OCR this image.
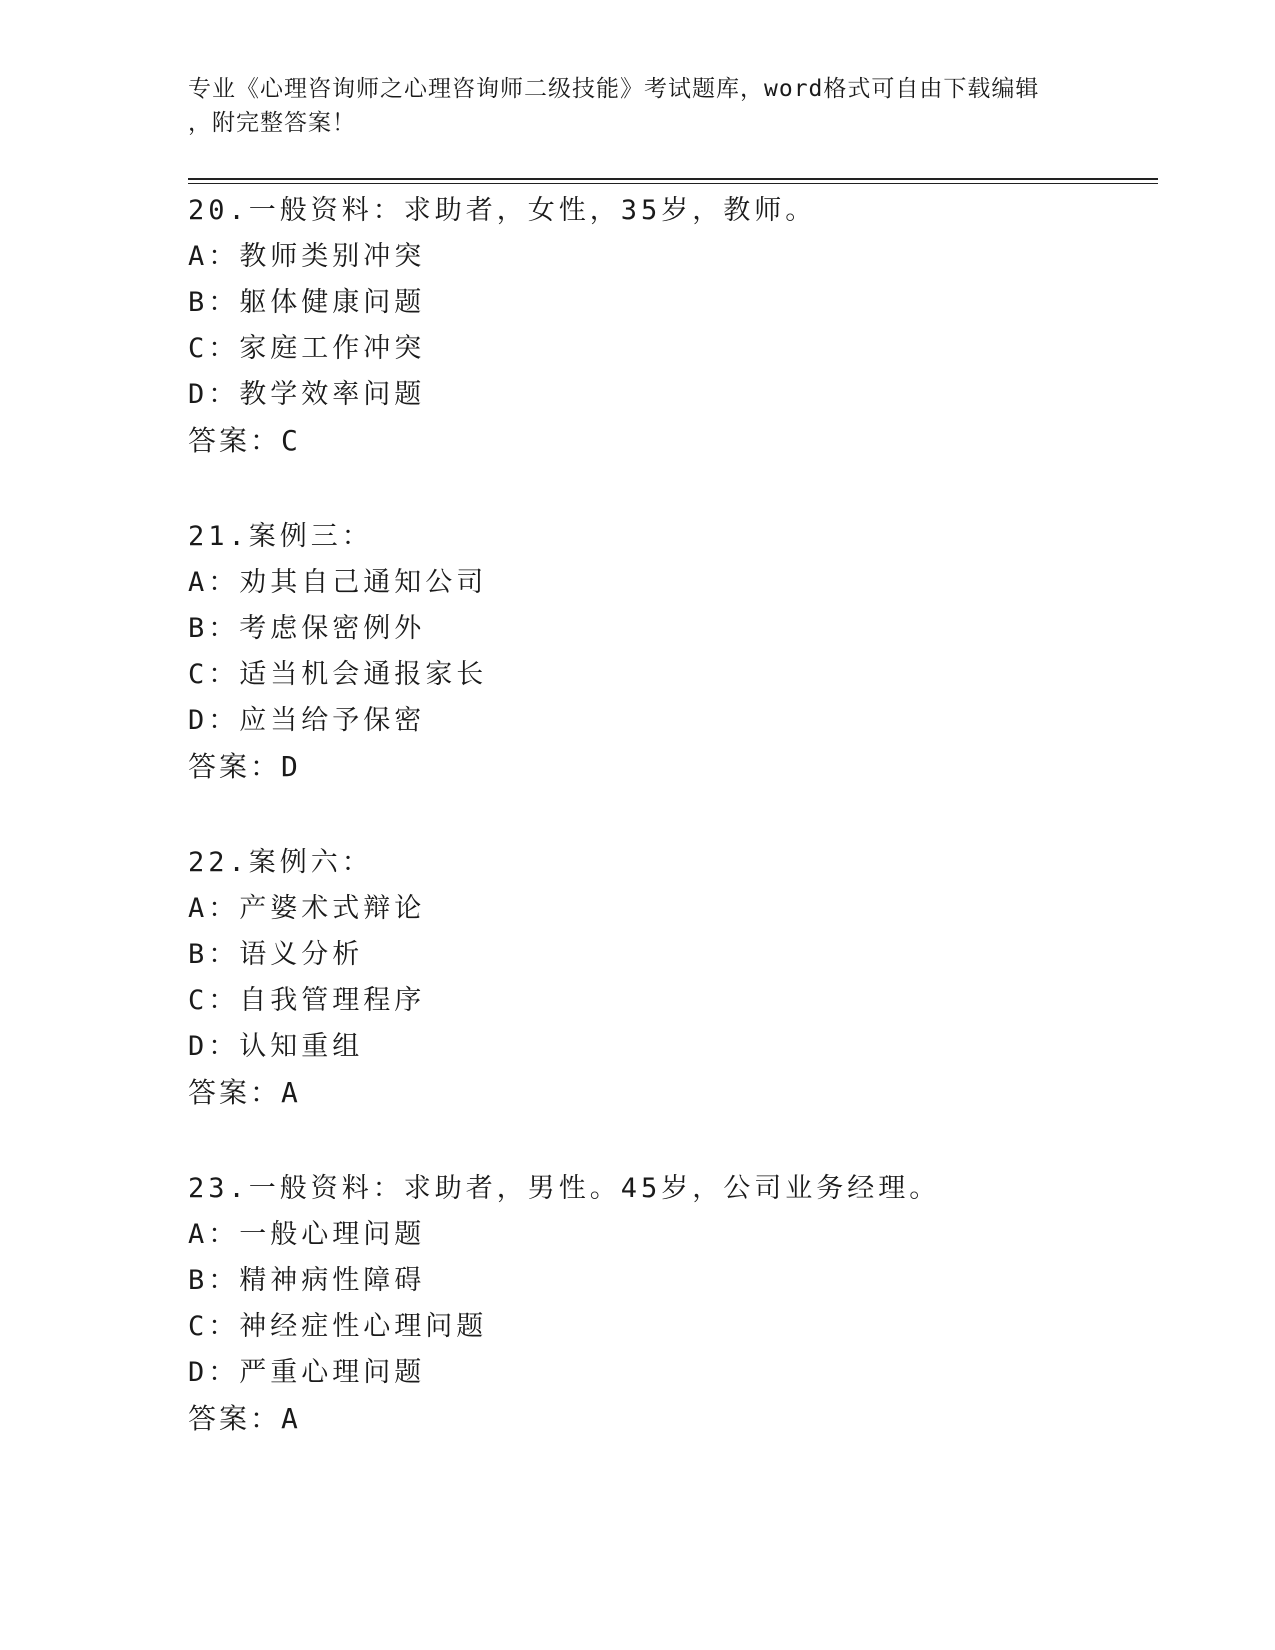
专业《心理咨询师之心理咨询师二级技能》考试题库，word格式可自由下载编辑
，附完整答案！
20.一般资料：求助者，女性，35岁，教师。
A：教师类别冲突
B：躯体健康问题
C：家庭工作冲突
D：教学效率问题
答案：C
21.案例三：
A：劝其自己通知公司
B：考虑保密例外
C：适当机会通报家长
D：应当给予保密
答案：D
22.案例六：
A：产婆术式辩论
B：语义分析
C：自我管理程序
D：认知重组
答案：A
23.一般资料：求助者，男性。45岁，公司业务经理。
A：一般心理问题
B：精神病性障碍
C：神经症性心理问题
D：严重心理问题
答案：A
